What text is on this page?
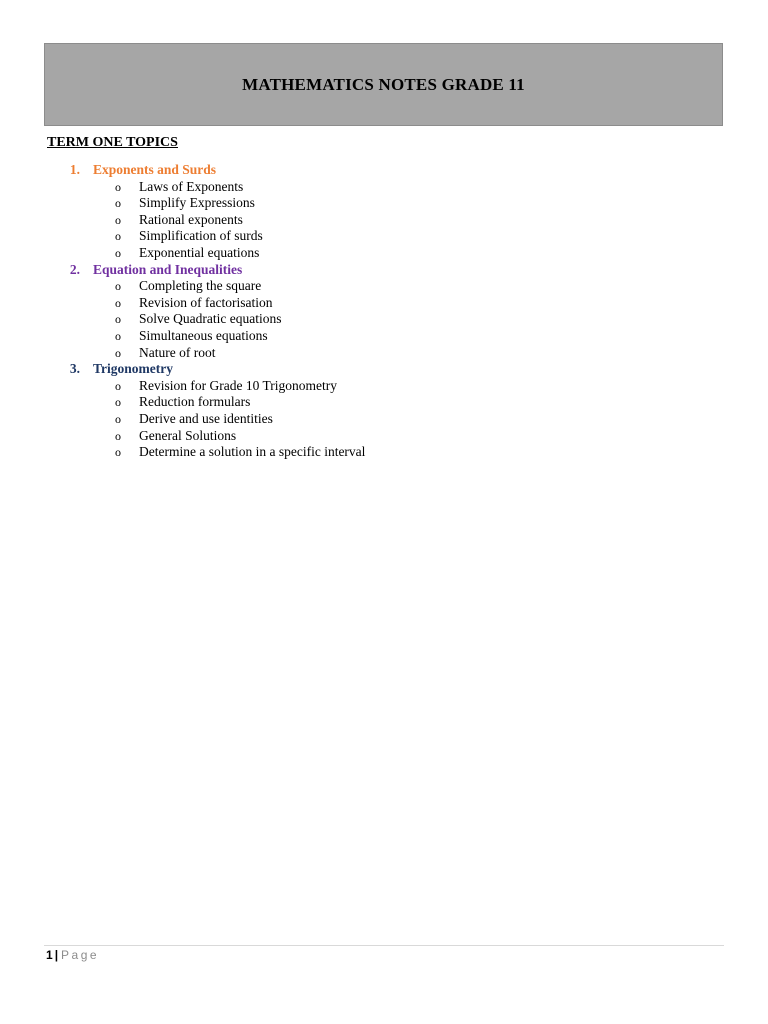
MATHEMATICS NOTES GRADE 11
TERM ONE TOPICS
1. Exponents and Surds
o Laws of Exponents
o Simplify Expressions
o Rational exponents
o Simplification of surds
o Exponential equations
2. Equation and Inequalities
o Completing the square
o Revision of factorisation
o Solve Quadratic equations
o Simultaneous equations
o Nature of root
3. Trigonometry
o Revision for Grade 10 Trigonometry
o Reduction formulars
o Derive and use identities
o General Solutions
o Determine a solution in a specific interval
1 | Page
